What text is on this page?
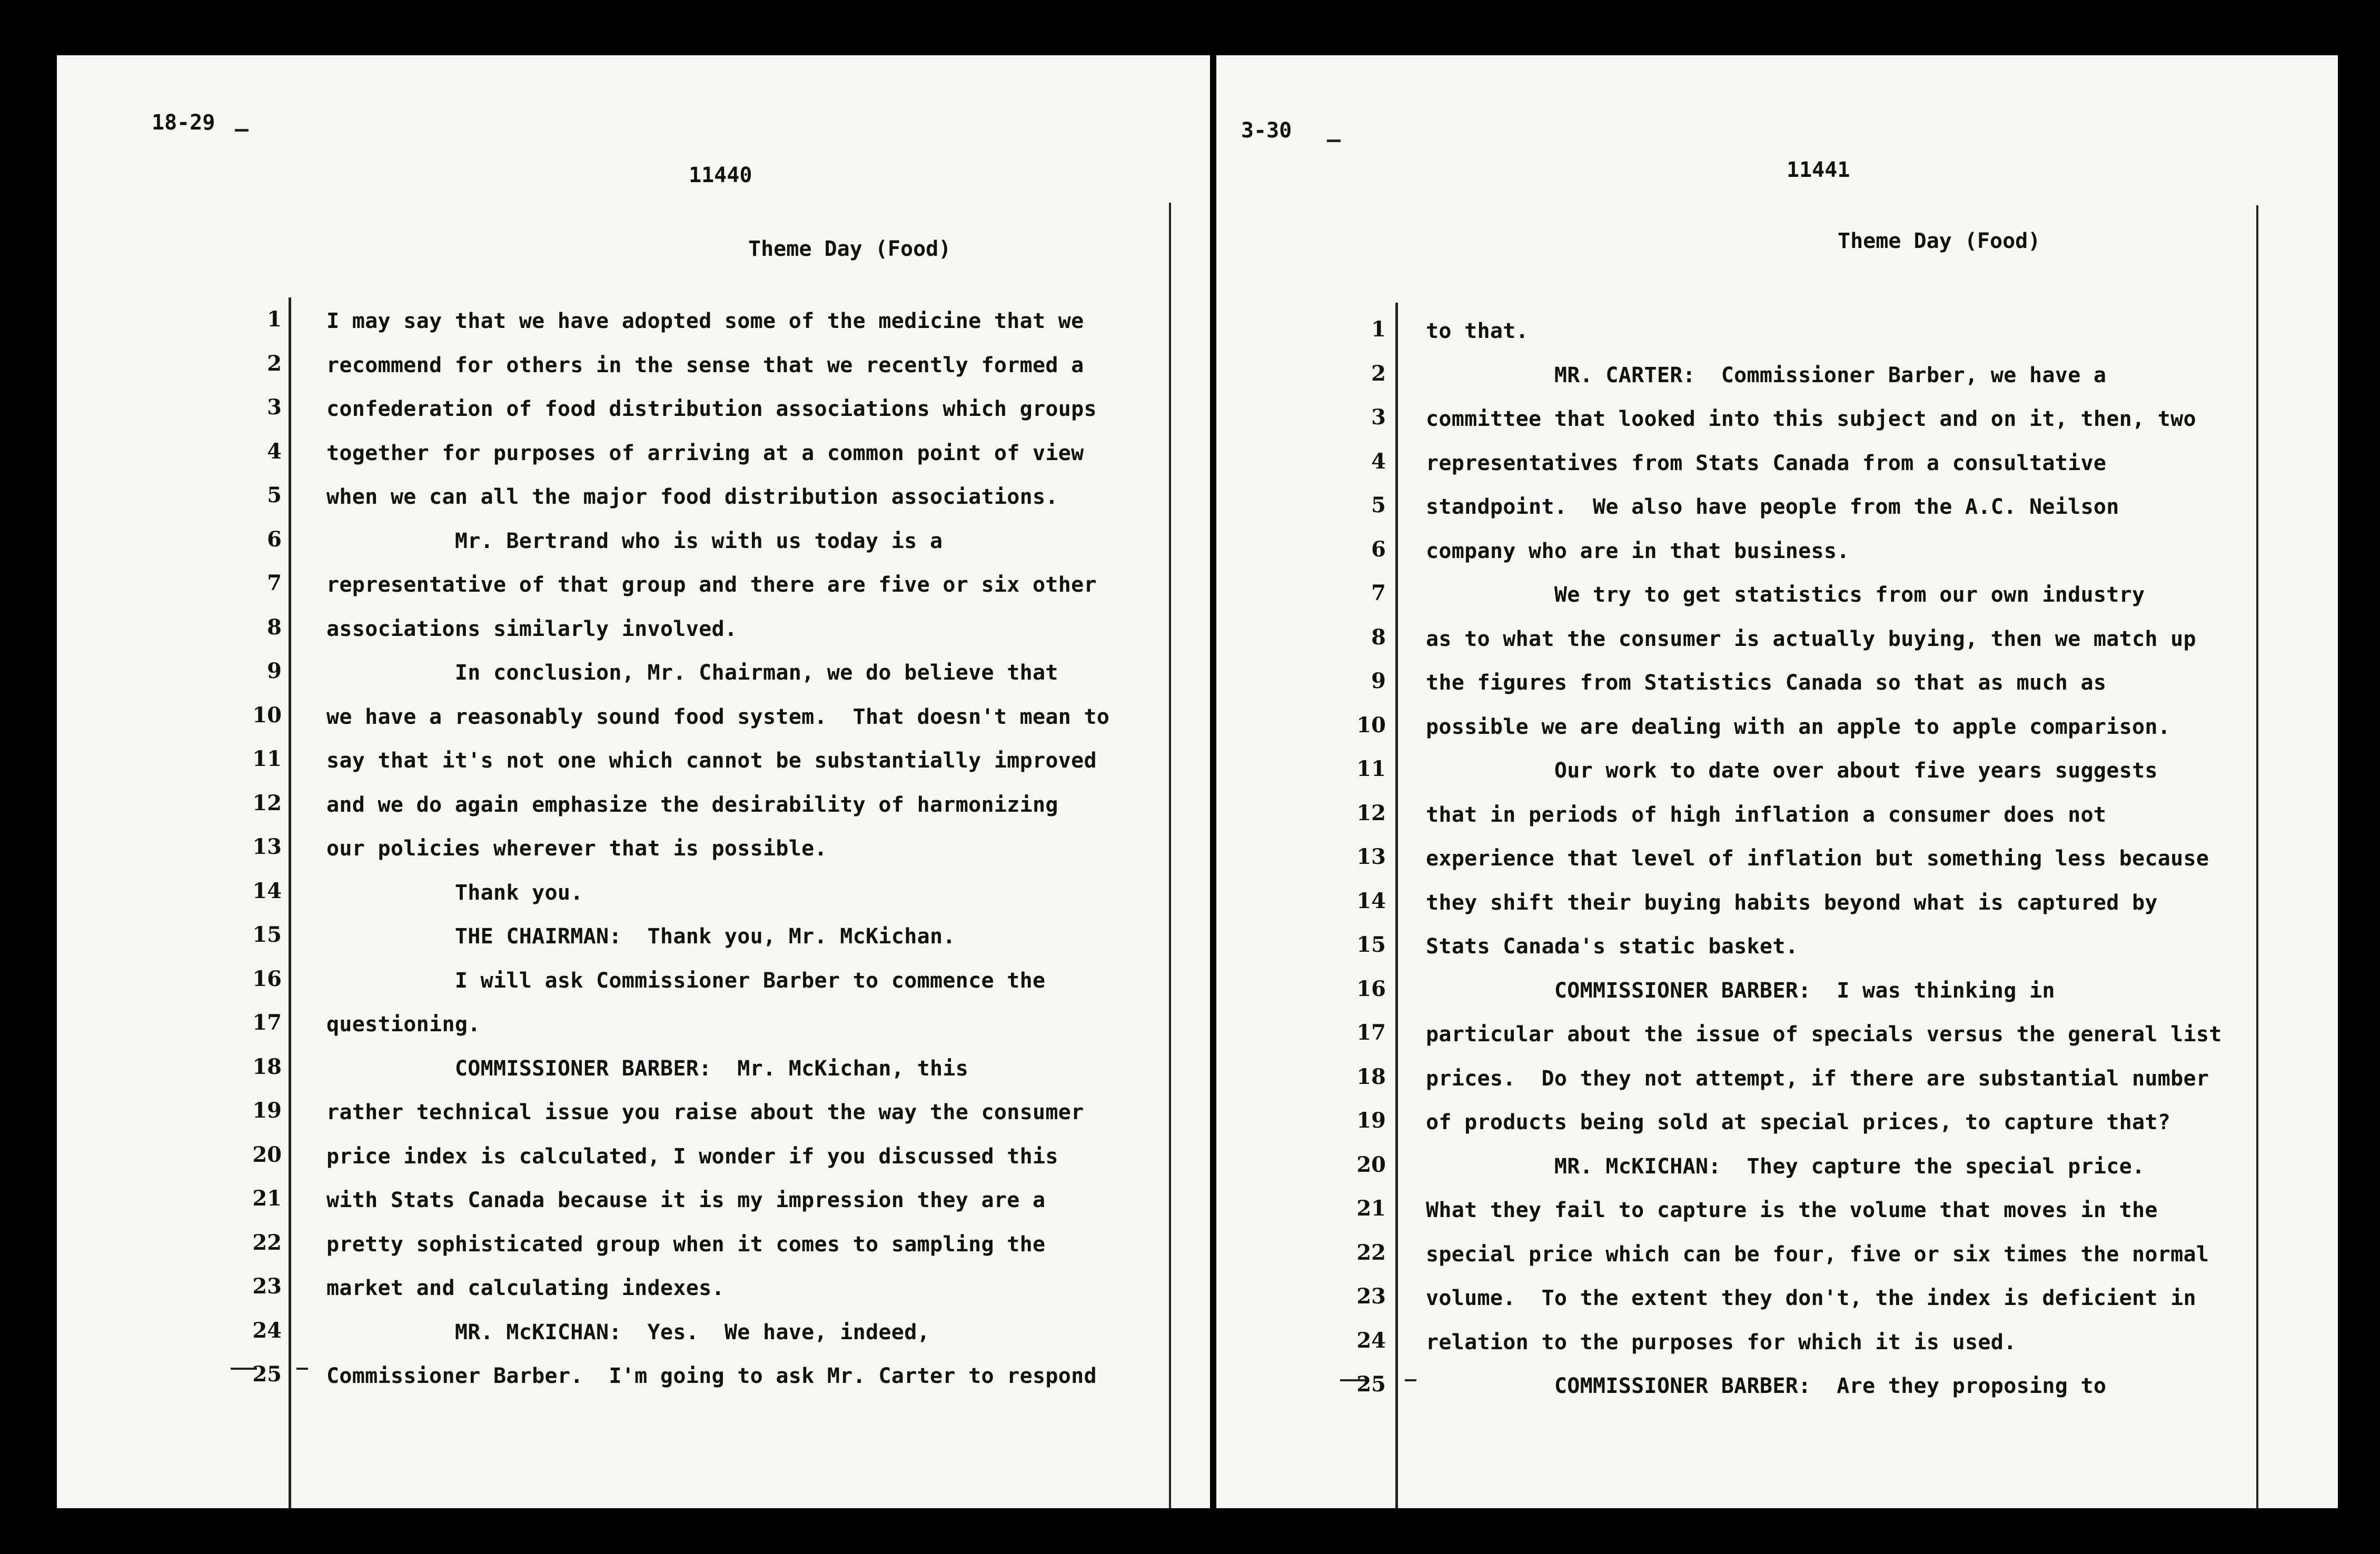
18-29
11440
Theme Day (Food)
1 I may say that we have adopted some of the medicine that we
2 recommend for others in the sense that we recently formed a
3 confederation of food distribution associations which groups
4 together for purposes of arriving at a common point of view
5 when we can all the major food distribution associations.
6 Mr. Bertrand who is with us today is a
7 representative of that group and there are five or six other
8 associations similarly involved.
9 In conclusion, Mr. Chairman, we do believe that
10 we have a reasonably sound food system.  That doesn't mean to
11 say that it's not one which cannot be substantially improved
12 and we do again emphasize the desirability of harmonizing
13 our policies wherever that is possible.
14 Thank you.
15 THE CHAIRMAN:  Thank you, Mr. McKichan.
16 I will ask Commissioner Barber to commence the
17 questioning.
18 COMMISSIONER BARBER:  Mr. McKichan, this
19 rather technical issue you raise about the way the consumer
20 price index is calculated, I wonder if you discussed this
21 with Stats Canada because it is my impression they are a
22 pretty sophisticated group when it comes to sampling the
23 market and calculating indexes.
24 MR. McKICHAN:  Yes.  We have, indeed,
25 Commissioner Barber.  I'm going to ask Mr. Carter to respond
3-30
11441
Theme Day (Food)
1 to that.
2 MR. CARTER:  Commissioner Barber, we have a
3 committee that looked into this subject and on it, then, two
4 representatives from Stats Canada from a consultative
5 standpoint.  We also have people from the A.C. Neilson
6 company who are in that business.
7 We try to get statistics from our own industry
8 as to what the consumer is actually buying, then we match up
9 the figures from Statistics Canada so that as much as
10 possible we are dealing with an apple to apple comparison.
11 Our work to date over about five years suggests
12 that in periods of high inflation a consumer does not
13 experience that level of inflation but something less because
14 they shift their buying habits beyond what is captured by
15 Stats Canada's static basket.
16 COMMISSIONER BARBER:  I was thinking in
17 particular about the issue of specials versus the general list
18 prices.  Do they not attempt, if there are substantial number
19 of products being sold at special prices, to capture that?
20 MR. McKICHAN:  They capture the special price.
21 What they fail to capture is the volume that moves in the
22 special price which can be four, five or six times the normal
23 volume.  To the extent they don't, the index is deficient in
24 relation to the purposes for which it is used.
25 COMMISSIONER BARBER:  Are they proposing to
